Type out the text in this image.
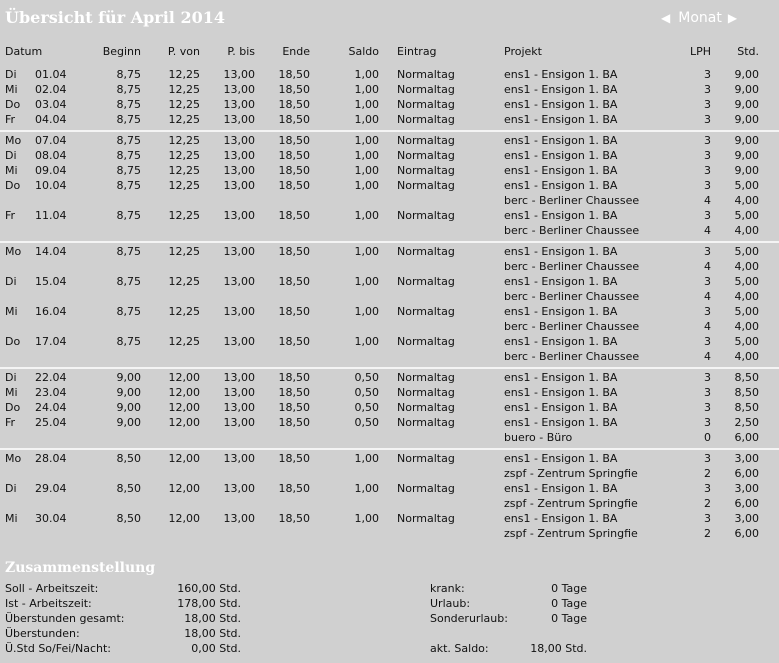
Übersicht für April 2014	◀ Monat ▶
Datum	Beginn P. von P. bis Ende	Saldo Eintrag	Projekt	LPH Std.
Di 01.04	8,75	12,25 13,00 18,50	1,00 Normaltag	ens1 - Ensigon 1. BA	3 9,00
Mi 02.04	8,75	12,25 13,00 18,50	1,00 Normaltag	ens1 - Ensigon 1. BA	3 9,00
Do 03.04	8,75	12,25 13,00 18,50	1,00 Normaltag	ens1 - Ensigon 1. BA	3 9,00
Fr 04.04	8,75	12,25 13,00 18,50	1,00 Normaltag	ens1 - Ensigon 1. BA	3 9,00
Mo 07.04	8,75	12,25 13,00 18,50	1,00 Normaltag	ens1 - Ensigon 1. BA	3 9,00
Di 08.04	8,75	12,25 13,00 18,50	1,00 Normaltag	ens1 - Ensigon 1. BA	3 9,00
Mi 09.04	8,75	12,25 13,00 18,50	1,00 Normaltag	ens1 - Ensigon 1. BA	3 9,00
Do 10.04	8,75	12,25 13,00 18,50	1,00 Normaltag	ens1 - Ensigon 1. BA	3 5,00
berc - Berliner Chaussee	4 4,00
Fr 11.04	8,75	12,25 13,00 18,50	1,00 Normaltag	ens1 - Ensigon 1. BA	3 5,00
berc - Berliner Chaussee	4 4,00
Mo 14.04	8,75	12,25 13,00 18,50	1,00 Normaltag	ens1 - Ensigon 1. BA	3 5,00
berc - Berliner Chaussee	4 4,00
Di 15.04	8,75	12,25 13,00 18,50	1,00 Normaltag	ens1 - Ensigon 1. BA	3 5,00
berc - Berliner Chaussee	4 4,00
Mi 16.04	8,75	12,25 13,00 18,50	1,00 Normaltag	ens1 - Ensigon 1. BA	3 5,00
berc - Berliner Chaussee	4 4,00
Do 17.04	8,75	12,25 13,00 18,50	1,00 Normaltag	ens1 - Ensigon 1. BA	3 5,00
berc - Berliner Chaussee	4 4,00
Di 22.04	9,00	12,00 13,00 18,50	0,50 Normaltag	ens1 - Ensigon 1. BA	3 8,50
Mi 23.04	9,00	12,00 13,00 18,50	0,50 Normaltag	ens1 - Ensigon 1. BA	3 8,50
Do 24.04	9,00	12,00 13,00 18,50	0,50 Normaltag	ens1 - Ensigon 1. BA	3 8,50
Fr 25.04	9,00	12,00 13,00 18,50	0,50 Normaltag	ens1 - Ensigon 1. BA	3 2,50
buero - Büro	0 6,00
Mo 28.04	8,50	12,00 13,00 18,50	1,00 Normaltag	ens1 - Ensigon 1. BA	3 3,00
zspf - Zentrum Springfie	2 6,00
Di 29.04	8,50	12,00 13,00 18,50	1,00 Normaltag	ens1 - Ensigon 1. BA	3 3,00
zspf - Zentrum Springfie	2 6,00
Mi 30.04	8,50	12,00 13,00 18,50	1,00 Normaltag	ens1 - Ensigon 1. BA	3 3,00
zspf - Zentrum Springfie	2 6,00
Zusammenstellung
Soll - Arbeitszeit:	160,00 Std.
Ist - Arbeitszeit:	178,00 Std.
Überstunden gesamt:	18,00 Std.
Überstunden:	18,00 Std.
Ü.Std So/Fei/Nacht:	0,00 Std.
krank:	0 Tage
Urlaub:	0 Tage
Sonderurlaub:	0 Tage
akt. Saldo:	18,00 Std.
